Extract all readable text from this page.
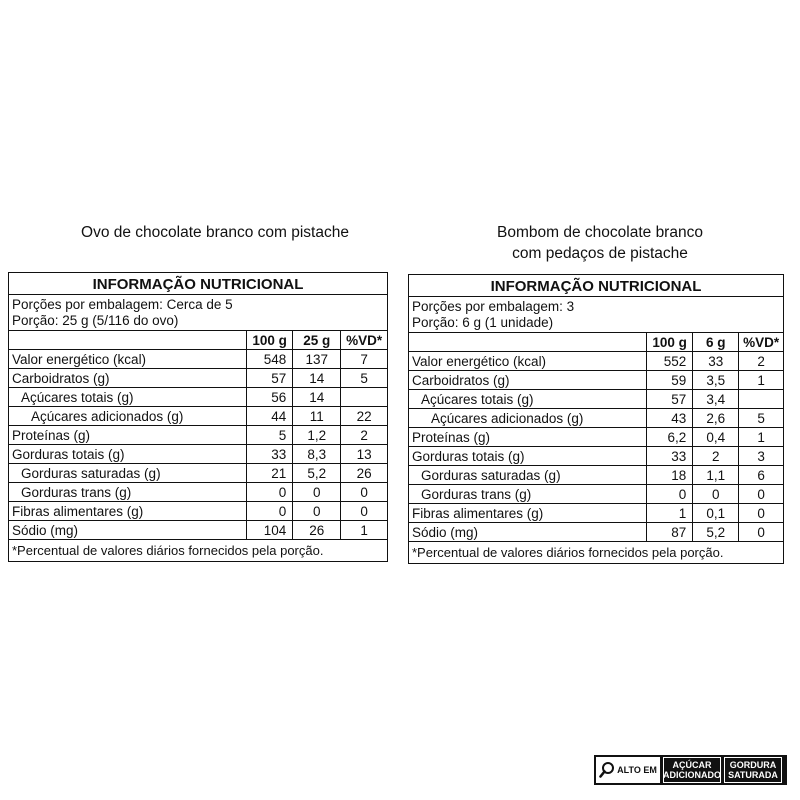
Ovo de chocolate branco com pistache
INFORMAÇÃO NUTRICIONAL
Porções por embalagem: Cerca de 5
Porção: 25 g (5/116 do ovo)
	100 g	25 g	%VD*
Valor energético (kcal)	548	137	7
Carboidratos (g)	57	14	5
Açúcares totais (g)	56	14	
Açúcares adicionados (g)	44	11	22
Proteínas (g)	5	1,2	2
Gorduras totais (g)	33	8,3	13
Gorduras saturadas (g)	21	5,2	26
Gorduras trans (g)	0	0	0
Fibras alimentares (g)	0	0	0
Sódio (mg)	104	26	1
*Percentual de valores diários fornecidos pela porção.
Bombom de chocolate branco
com pedaços de pistache
INFORMAÇÃO NUTRICIONAL
Porções por embalagem: 3
Porção: 6 g (1 unidade)
	100 g	6 g	%VD*
Valor energético (kcal)	552	33	2
Carboidratos (g)	59	3,5	1
Açúcares totais (g)	57	3,4	
Açúcares adicionados (g)	43	2,6	5
Proteínas (g)	6,2	0,4	1
Gorduras totais (g)	33	2	3
Gorduras saturadas (g)	18	1,1	6
Gorduras trans (g)	0	0	0
Fibras alimentares (g)	1	0,1	0
Sódio (mg)	87	5,2	0
*Percentual de valores diários fornecidos pela porção.
ALTO EM	AÇÚCAR
ADICIONADO
GORDURA
SATURADA
